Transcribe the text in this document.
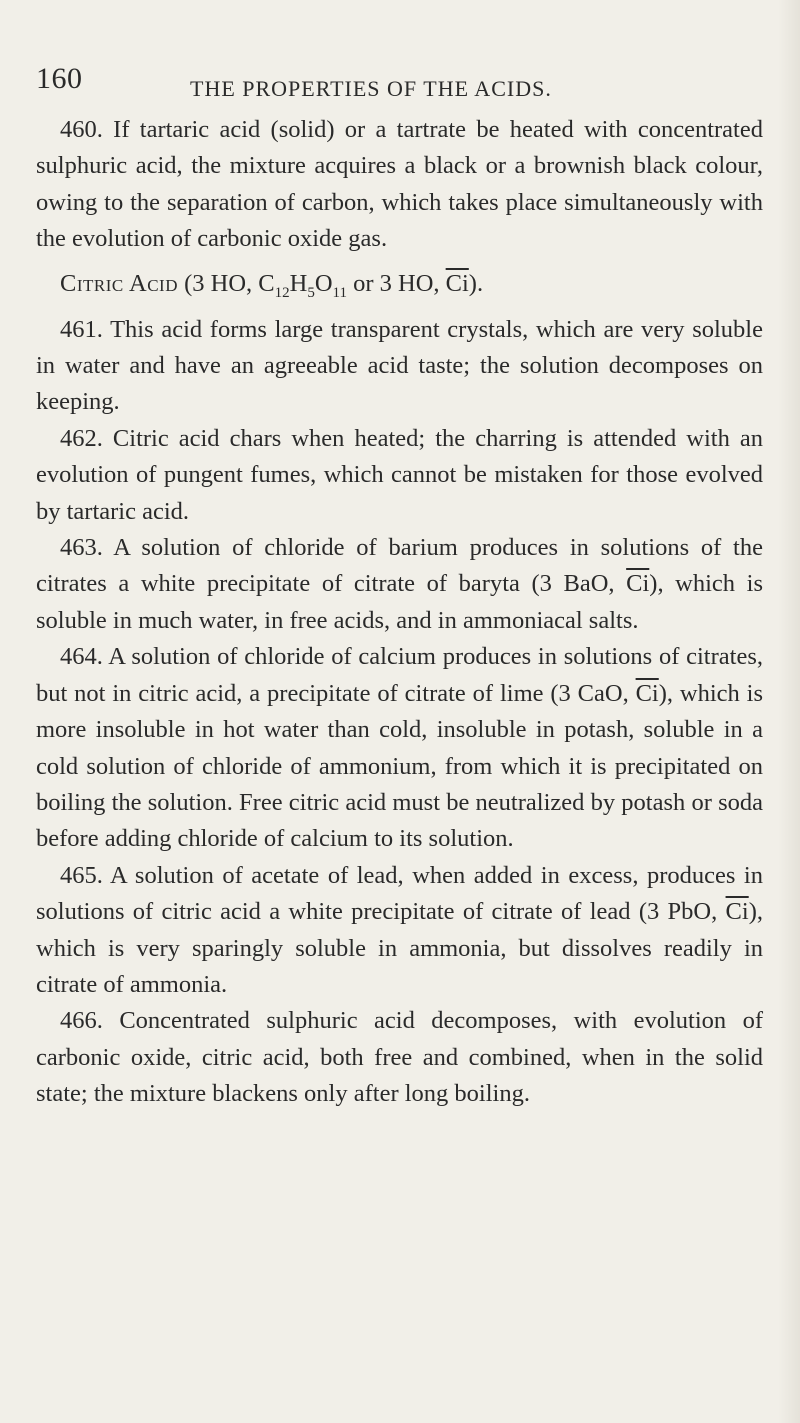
160	THE PROPERTIES OF THE ACIDS.

460. If tartaric acid (solid) or a tartrate be heated with concentrated sulphuric acid, the mixture acquires a black or a brownish black colour, owing to the separation of carbon, which takes place simultaneously with the evolution of carbonic oxide gas.

Citric Acid (3 HO, $C_{12}H_5O_{11}$ or 3 HO, $\overline{Ci}$).

461. This acid forms large transparent crystals, which are very soluble in water and have an agreeable acid taste; the solution decomposes on keeping.

462. Citric acid chars when heated; the charring is attended with an evolution of pungent fumes, which cannot be mistaken for those evolved by tartaric acid.

463. A solution of chloride of barium produces in solutions of the citrates a white precipitate of citrate of baryta (3 BaO, $\overline{Ci}$), which is soluble in much water, in free acids, and in ammoniacal salts.

464. A solution of chloride of calcium produces in solutions of citrates, but not in citric acid, a precipitate of citrate of lime (3 CaO, $\overline{Ci}$), which is more insoluble in hot water than cold, insoluble in potash, soluble in a cold solution of chloride of ammonium, from which it is precipitated on boiling the solution. Free citric acid must be neutralized by potash or soda before adding chloride of calcium to its solution.

465. A solution of acetate of lead, when added in excess, produces in solutions of citric acid a white precipitate of citrate of lead (3 PbO, $\overline{Ci}$), which is very sparingly soluble in ammonia, but dissolves readily in citrate of ammonia.

466. Concentrated sulphuric acid decomposes, with evolution of carbonic oxide, citric acid, both free and combined, when in the solid state; the mixture blackens only after long boiling.
